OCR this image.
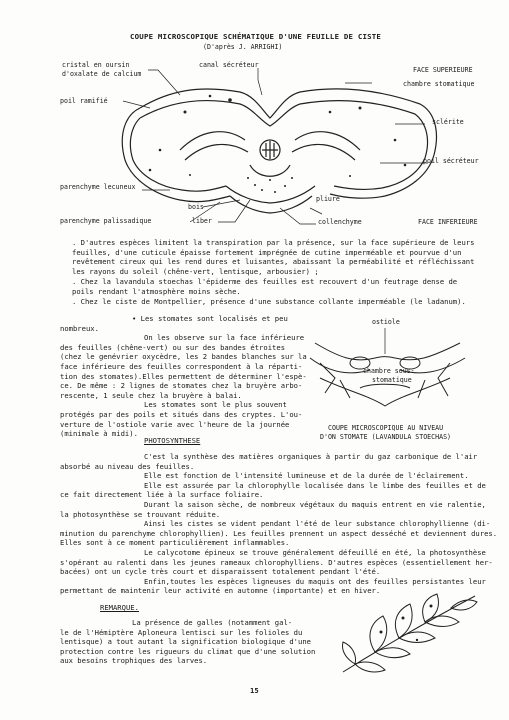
COUPE MICROSCOPIQUE SCHÉMATIQUE D'UNE FEUILLE DE CISTE
(D'après J. ARRIGHI)
cristal en oursin
d'oxalate de calcium
canal sécréteur
FACE SUPERIEURE
chambre stomatique
poil ramifié
sclérite
poil sécréteur
parenchyme lecuneux
pliure
bois
parenchyme palissadique	liber	collenchyme	FACE INFERIEURE
. D'autres espèces limitent la transpiration par la présence, sur la face supérieure de leurs feuilles, d'une cuticule épaisse fortement imprégnée de cutine imperméable et pourvue d'un revêtement cireux qui les rend dures et luisantes, abaissant la perméabilité et réfléchissant les rayons du soleil (chêne-vert, lentisque, arbousier) ;
. Chez la lavandula stoechas l'épiderme des feuilles est recouvert d'un feutrage dense de poils rendant l'atmosphère moins sèche.
. Chez le ciste de Montpellier, présence d'une substance collante imperméable (le ladanum).
• Les stomates sont localisés et peu
nombreux.
On les observe sur la face inférieure
des feuilles (chêne-vert) ou sur des bandes étroites
(chez le genévrier oxycèdre, les 2 bandes blanches sur la
face inférieure des feuilles correspondent à la réparti-
tion des stomates).Elles permettent de déterminer l'espè-
ce. De même : 2 lignes de stomates chez la bruyère arbo-
rescente, 1 seule chez la bruyère à balai.
Les stomates sont le plus souvent
protégés par des poils et situés dans des cryptes. L'ou-
verture de l'ostiole varie avec l'heure de la journée
(minimale à midi).
ostiole
chambre sous-
stomatique
COUPE MICROSCOPIQUE AU NIVEAU
D'ON STOMATE (LAVANDULA STOECHAS)
PHOTOSYNTHESE
C'est la synthèse des matières organiques à partir du gaz carbonique de l'air
absorbé au niveau des feuilles.
Elle est fonction de l'intensité lumineuse et de la durée de l'éclairement.
Elle est assurée par la chlorophylle localisée dans le limbe des feuilles et de
ce fait directement liée à la surface foliaire.
Durant la saison sèche, de nombreux végétaux du maquis entrent en vie ralentie,
la photosynthèse se trouvant réduite.
Ainsi les cistes se vident pendant l'été de leur substance chlorophyllienne (di-
minution du parenchyme chlorophyllien). Les feuilles prennent un aspect desséché et deviennent dures.
Elles sont à ce moment particulièrement inflammables.
Le calycotome épineux se trouve généralement défeuillé en été, la photosynthèse
s'opérant au ralenti dans les jeunes rameaux chlorophylliens. D'autres espèces (essentiellement her-
bacées) ont un cycle très court et disparaissent totalement pendant l'été.
Enfin,toutes les espèces ligneuses du maquis ont des feuilles persistantes leur
permettant de maintenir leur activité en automne (importante) et en hiver.
REMARQUE.
La présence de galles (notamment gal-
le de l'Hémiptère Aploneura lentisci sur les folioles du
lentisque) a tout autant la signification biologique d'une
protection contre les rigueurs du climat que d'une solution
aux besoins trophiques des larves.
15
